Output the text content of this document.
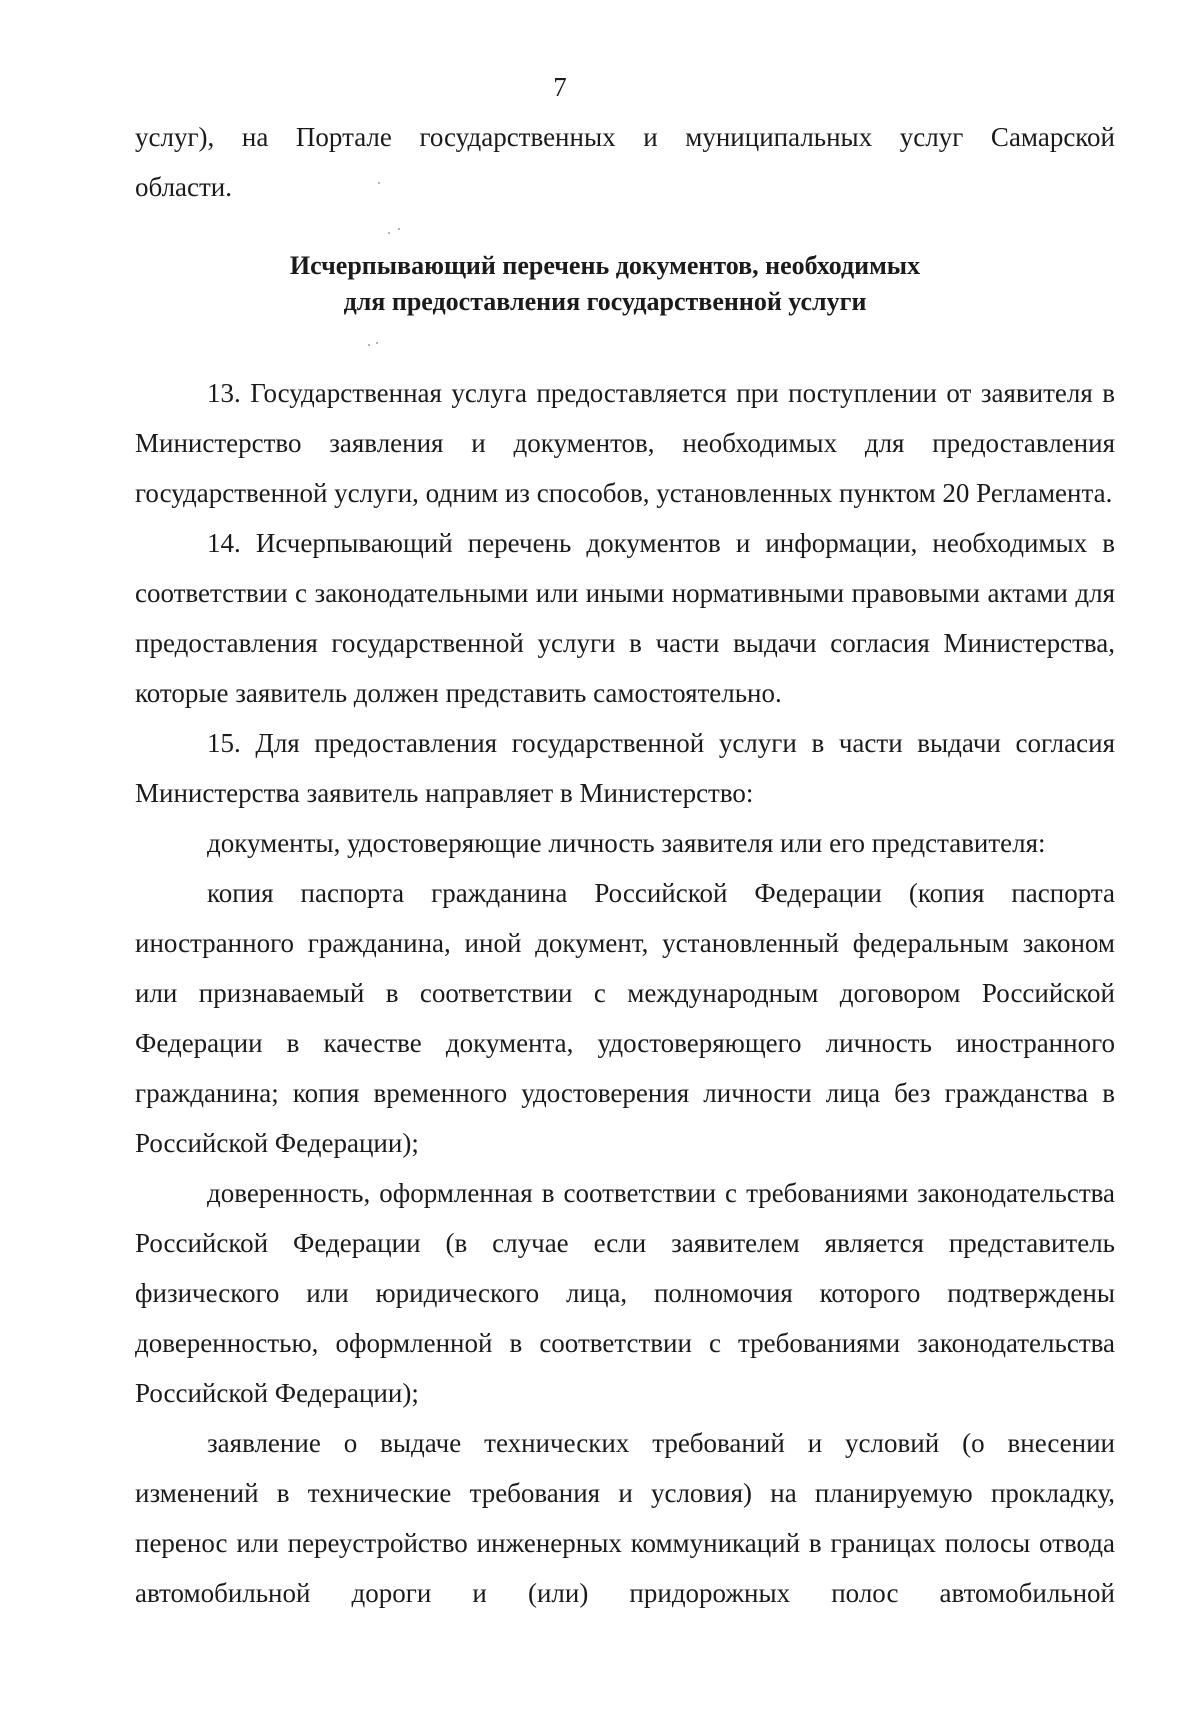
7

услуг), на Порталe государственных и муниципальных услуг Самарской

области.

Исчерпывающий перечень документов, необходимых
для предоставления государственной услуги

13. Государственная услуга предоставляется при поступлении от заявителя в Министерство заявления и документов, необходимых для предоставления государственной услуги, одним из способов, установленных пунктом 20 Регламента.

14. Исчерпывающий перечень документов и информации, необходимых в соответствии с законодательными или иными нормативными правовыми актами для предоставления государственной услуги в части выдачи согласия Министерства, которые заявитель должен представить самостоятельно.

15. Для предоставления государственной услуги в части выдачи согласия Министерства заявитель направляет в Министерство:

документы, удостоверяющие личность заявителя или его представителя:

копия паспорта гражданина Российской Федерации (копия паспорта иностранного гражданина, иной документ, установленный федеральным законом или признаваемый в соответствии с международным договором Российской Федерации в качестве документа, удостоверяющего личность иностранного гражданина; копия временного удостоверения личности лица без гражданства в Российской Федерации);

доверенность, оформленная в соответствии с требованиями законодательства Российской Федерации (в случае если заявителем является представитель физического или юридического лица, полномочия которого подтверждены доверенностью, оформленной в соответствии с требованиями законодательства Российской Федерации);

заявление о выдаче технических требований и условий (о внесении изменений в технические требования и условия) на планируемую прокладку, перенос или переустройство инженерных коммуникаций в границах полосы отвода автомобильной дороги и (или) придорожных полос автомобильной
